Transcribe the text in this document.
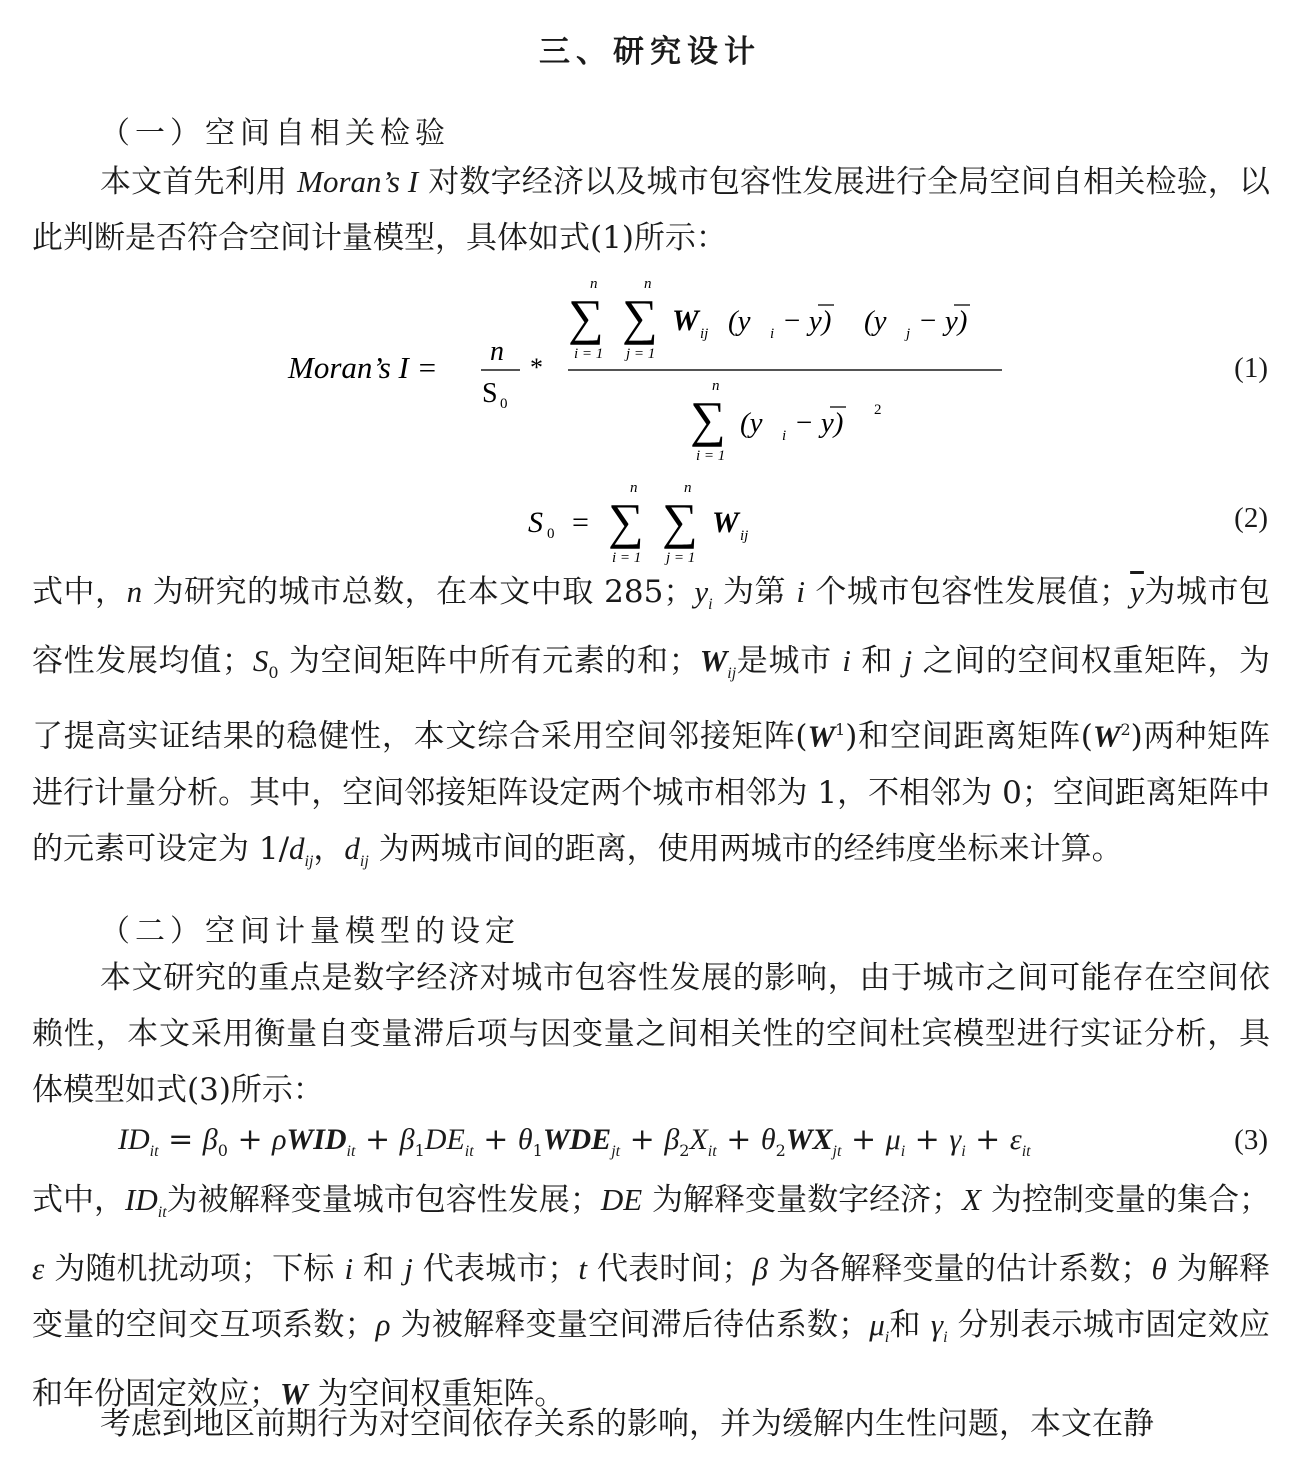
三、研究设计
（一）空间自相关检验
本文首先利用 Moran’s I 对数字经济以及城市包容性发展进行全局空间自相关检验，以此判断是否符合空间计量模型，具体如式(1)所示：
Moran’s I = n
S 0
*
n
∑
i = 1
n
∑
j = 1
W ij (y i − y) (y j − y)
n
∑
i = 1
(y i − y) 2
(1)
S 0 =
n
∑
i = 1
n
∑
j = 1
W ij
(2)
式中，n 为研究的城市总数，在本文中取 285；$y_i$ 为第 i 个城市包容性发展值；$\overline{y}$为城市包容性发展均值；$S_0$ 为空间矩阵中所有元素的和；$W_{ij}$是城市 i 和 j 之间的空间权重矩阵，为了提高实证结果的稳健性，本文综合采用空间邻接矩阵$(W^1)$和空间距离矩阵$(W^2)$两种矩阵进行计量分析。其中，空间邻接矩阵设定两个城市相邻为 1，不相邻为 0；空间距离矩阵中的元素可设定为 $1/d_{ij}$，$d_{ij}$ 为两城市间的距离，使用两城市的经纬度坐标来计算。
（二）空间计量模型的设定
本文研究的重点是数字经济对城市包容性发展的影响，由于城市之间可能存在空间依赖性，本文采用衡量自变量滞后项与因变量之间相关性的空间杜宾模型进行实证分析，具体模型如式(3)所示：
$ID_{it} = \beta_0 + \rho WID_{it} + \beta_1DE_{it} + \theta_1WDE_{jt} + \beta_2X_{it} + \theta_2WX_{jt} + \mu_i + \gamma_i + \varepsilon_{it}$	(3)
式中，$ID_{it}$为被解释变量城市包容性发展；DE 为解释变量数字经济；X 为控制变量的集合；ε 为随机扰动项；下标 i 和 j 代表城市；t 代表时间；β 为各解释变量的估计系数；θ 为解释变量的空间交互项系数；ρ 为被解释变量空间滞后待估系数；$\mu_i$和 $\gamma_i$ 分别表示城市固定效应和年份固定效应；W 为空间权重矩阵。
考虑到地区前期行为对空间依存关系的影响，并为缓解内生性问题，本文在静
